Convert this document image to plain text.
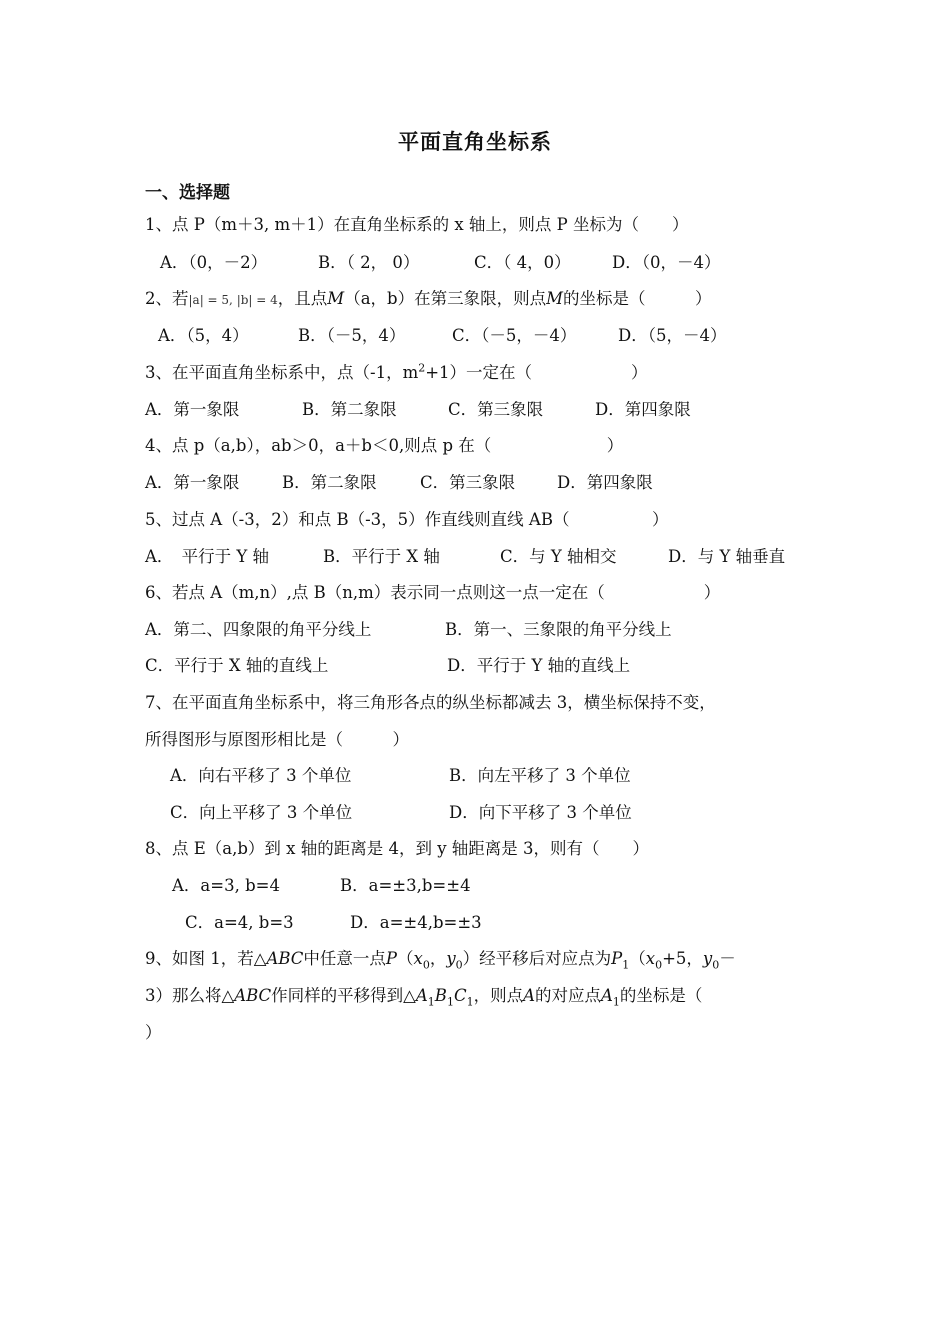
平面直角坐标系
一、选择题
1、点 P（m＋3, m＋1）在直角坐标系的 x 轴上，则点 P 坐标为（　　）
A．（0，－2）	B．（ 2， 0）	C．（ 4，0）	D．（0，－4）
2、若|a| = 5, |b| = 4，且点M（a，b）在第三象限，则点M的坐标是（　　　）
A．（5，4）	B．（－5，4）	C．（－5，－4）	D．（5，－4）
3、在平面直角坐标系中，点（-1，$m^2+1$）一定在（　　　　　　）
A．第一象限	B．第二象限	C．第三象限	D．第四象限
4、点 p（a,b），ab＞0，a＋b＜0,则点 p 在（　　　　　　　）
A．第一象限	B．第二象限	C．第三象限	D．第四象限
5、过点 A（-3，2）和点 B（-3，5）作直线则直线 AB（　　　　　）
A．　平行于 Y 轴	B．平行于 X 轴	C．与 Y 轴相交	D．与 Y 轴垂直
6、若点 A（m,n）,点 B（n,m）表示同一点则这一点一定在（　　　　　　）
A．第二、四象限的角平分线上	B．第一、三象限的角平分线上
C．平行于 X 轴的直线上	D．平行于 Y 轴的直线上
7、在平面直角坐标系中，将三角形各点的纵坐标都减去 3，横坐标保持不变，
所得图形与原图形相比是（　　　）
A．向右平移了 3 个单位	B．向左平移了 3 个单位
C．向上平移了 3 个单位	D．向下平移了 3 个单位
8、点 E（a,b）到 x 轴的距离是 4，到 y 轴距离是 3，则有（　　）
A．a=3, b=4	B．a=±3,b=±4
C．a=4, b=3	D．a=±4,b=±3
9、如图 1，若△ABC中任意一点$P(x_0$，$y_0$）经平移后对应点为$P_1(x_0+5$，$y_0-$
3）那么将△ABC作同样的平移得到$\triangle A_1B_1C_1$，则点A的对应点$A_1$的坐标是（
）
